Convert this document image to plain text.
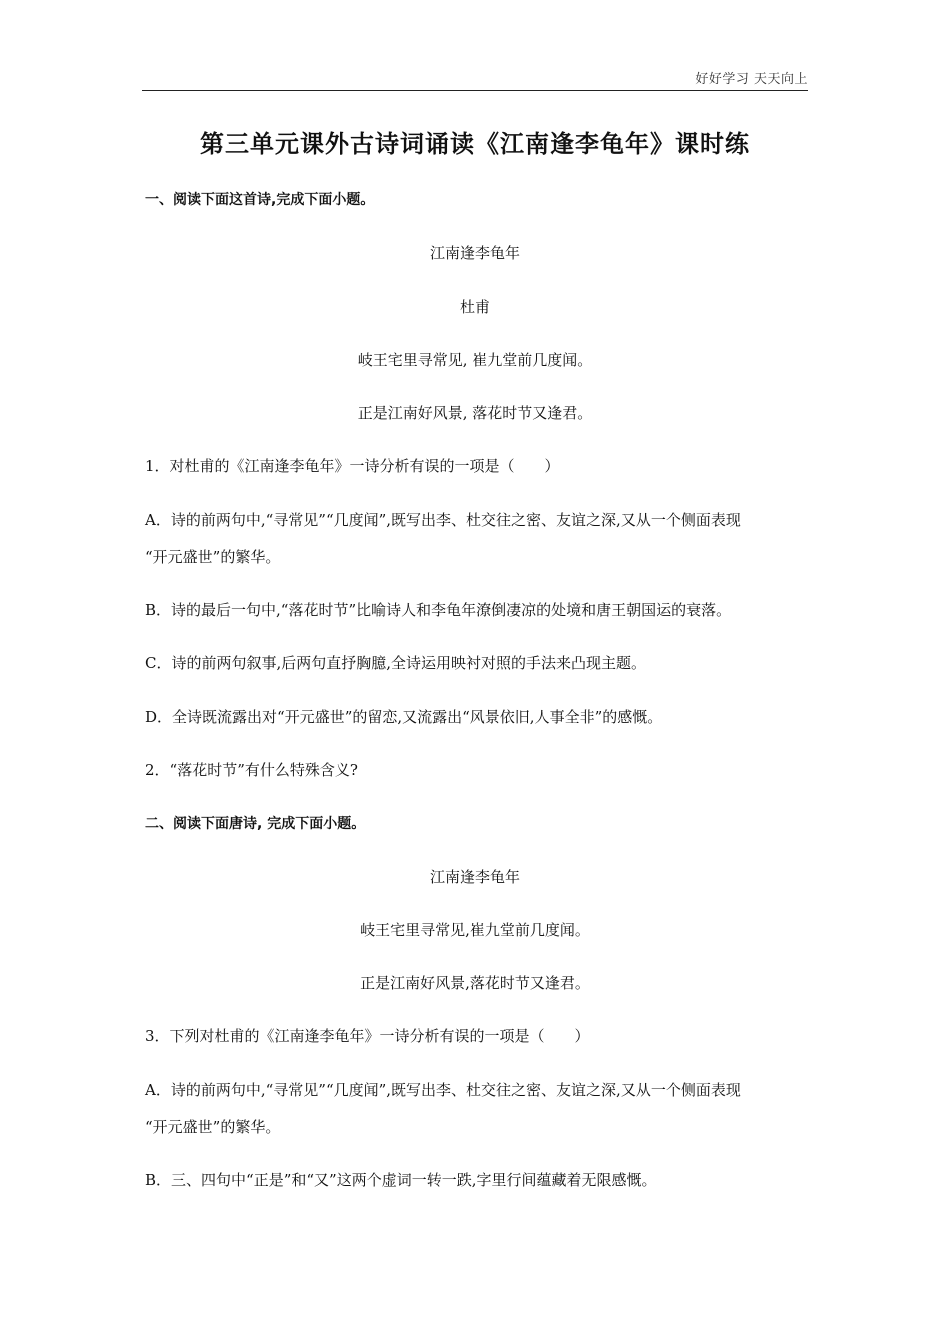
好好学习 天天向上
第三单元课外古诗词诵读《江南逢李龟年》课时练
一、阅读下面这首诗,完成下面小题。
江南逢李龟年
杜甫
岐王宅里寻常见, 崔九堂前几度闻。
正是江南好风景, 落花时节又逢君。
1．对杜甫的《江南逢李龟年》一诗分析有误的一项是（　　）
A．诗的前两句中,“寻常见”“几度闻”,既写出李、杜交往之密、友谊之深,又从一个侧面表现
“开元盛世”的繁华。
B．诗的最后一句中,“落花时节”比喻诗人和李龟年潦倒凄凉的处境和唐王朝国运的衰落。
C．诗的前两句叙事,后两句直抒胸臆,全诗运用映衬对照的手法来凸现主题。
D．全诗既流露出对“开元盛世”的留恋,又流露出“风景依旧,人事全非”的感慨。
2．“落花时节”有什么特殊含义?
二、阅读下面唐诗, 完成下面小题。
江南逢李龟年
岐王宅里寻常见,崔九堂前几度闻。
正是江南好风景,落花时节又逢君。
3．下列对杜甫的《江南逢李龟年》一诗分析有误的一项是（　　）
A．诗的前两句中,“寻常见”“几度闻”,既写出李、杜交往之密、友谊之深,又从一个侧面表现
“开元盛世”的繁华。
B．三、四句中“正是”和“又”这两个虚词一转一跌,字里行间蕴藏着无限感慨。
